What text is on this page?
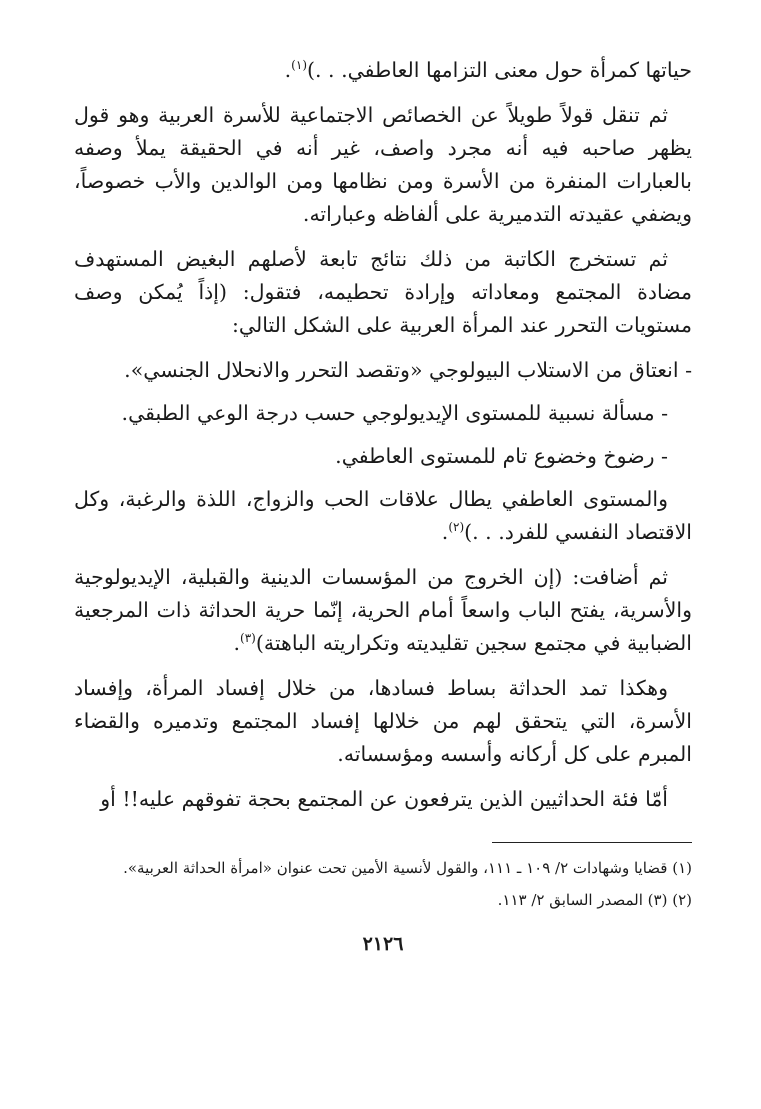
حياتها كمرأة حول معنى التزامها العاطفي. . .)$^{(١)}$.

ثم تنقل قولاً طويلاً عن الخصائص الاجتماعية للأسرة العربية وهو قول يظهر صاحبه فيه أنه مجرد واصف، غير أنه في الحقيقة يملأ وصفه بالعبارات المنفرة من الأسرة ومن نظامها ومن الوالدين والأب خصوصاً، ويضفي عقيدته التدميرية على ألفاظه وعباراته.

ثم تستخرج الكاتبة من ذلك نتائج تابعة لأصلهم البغيض المستهدف مضادة المجتمع ومعاداته وإرادة تحطيمه، فتقول: (إذاً يُمكن وصف مستويات التحرر عند المرأة العربية على الشكل التالي:

- انعتاق من الاستلاب البيولوجي «وتقصد التحرر والانحلال الجنسي».

- مسألة نسبية للمستوى الإيديولوجي حسب درجة الوعي الطبقي.

- رضوخ وخضوع تام للمستوى العاطفي.

والمستوى العاطفي يطال علاقات الحب والزواج، اللذة والرغبة، وكل الاقتصاد النفسي للفرد. . .)$^{(٢)}$.

ثم أضافت: (إن الخروج من المؤسسات الدينية والقبلية، الإيديولوجية والأسرية، يفتح الباب واسعاً أمام الحرية، إنّما حرية الحداثة ذات المرجعية الضبابية في مجتمع سجين تقليديته وتكراريته الباهتة)$^{(٣)}$.

وهكذا تمد الحداثة بساط فسادها، من خلال إفساد المرأة، وإفساد الأسرة، التي يتحقق لهم من خلالها إفساد المجتمع وتدميره والقضاء المبرم على كل أركانه وأسسه ومؤسساته.

أمّا فئة الحداثيين الذين يترفعون عن المجتمع بحجة تفوقهم عليه!! أو

(١) قضايا وشهادات ٢/ ١٠٩ ـ ١١١، والقول لأنسية الأمين تحت عنوان «امرأة الحداثة العربية».

(٢) (٣) المصدر السابق ٢/ ١١٣.

٢١٢٦
